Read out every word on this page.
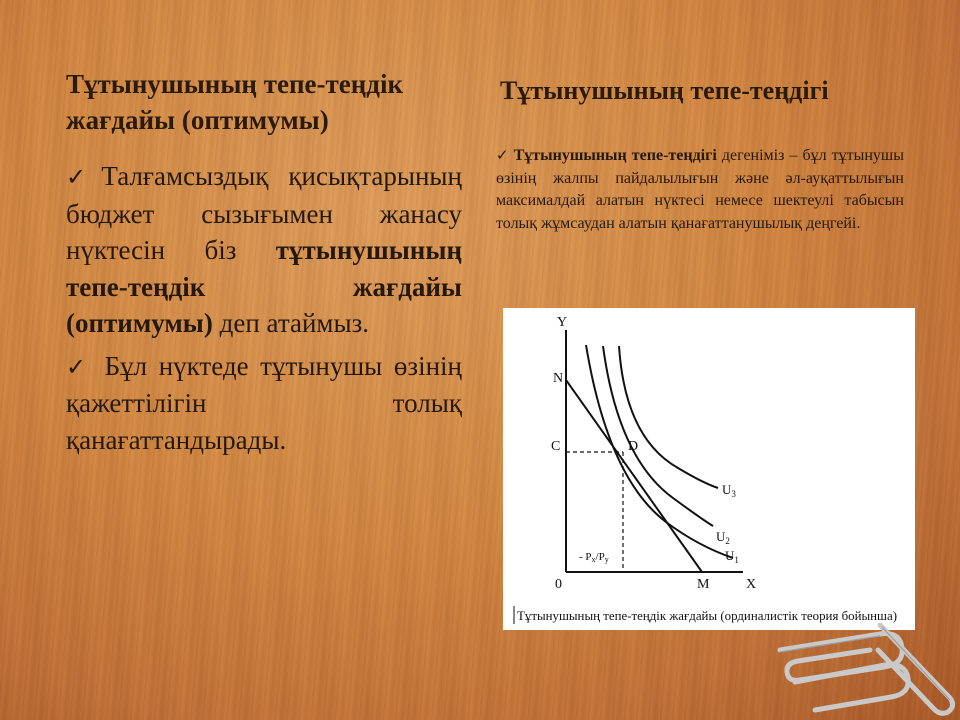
Тұтынушының тепе-теңдік жағдайы (оптимумы)

✓Талғамсыздық қисықтарының бюджет сызығымен жанасу нүктесін біз тұтынушының тепе-теңдік жағдайы (оптимумы) деп атаймыз.

✓ Бұл нүктеде тұтынушы өзінің қажеттілігін толық қанағаттандырады.

Тұтынушының тепе-теңдігі
✓ Тұтынушының тепе-теңдігі дегеніміз – бұл тұтынушы өзінің жалпы пайдалылығын және әл-ауқаттылығын максималдай алатын нүктесі немесе шектеулі табысын толық жұмсаудан алатын қанағаттанушылық деңгейі.
Y
N
C	D
0	M	X
$U_3$
$U_2$
$U_1$
- Px/Py
Тұтынушының тепе-теңдік жағдайы (ординалистік теория бойынша)
